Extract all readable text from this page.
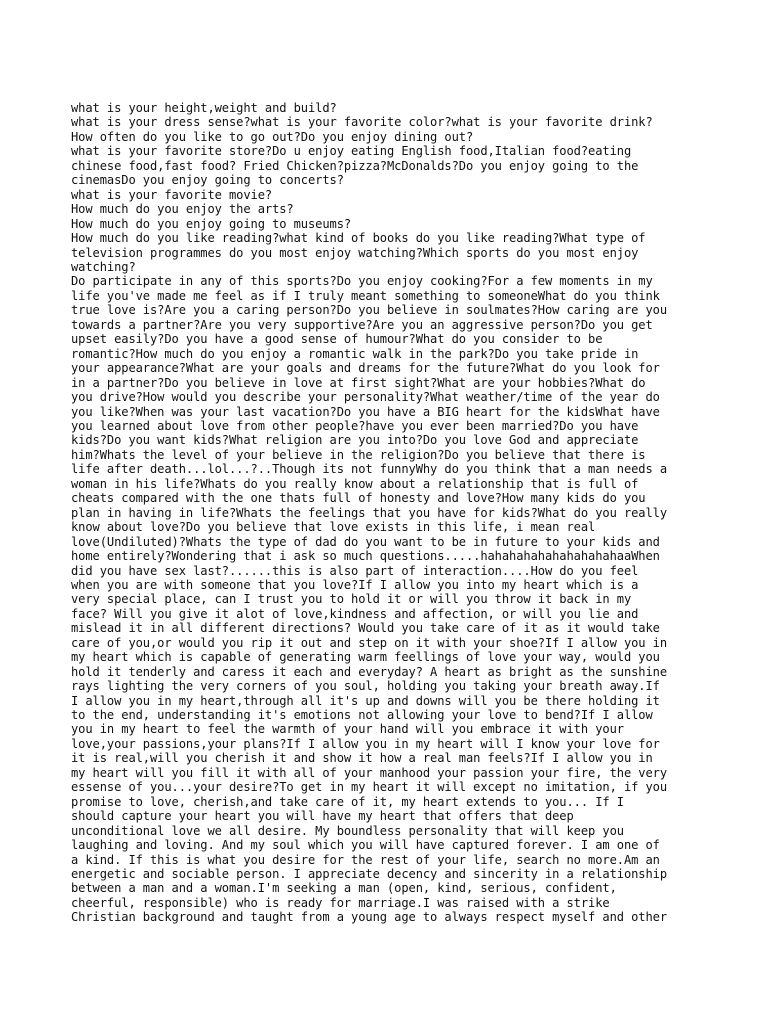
what is your height,weight and build?
what is your dress sense?what is your favorite color?what is your favorite drink?
How often do you like to go out?Do you enjoy dining out?
what is your favorite store?Do u enjoy eating English food,Italian food?eating
chinese food,fast food? Fried Chicken?pizza?McDonalds?Do you enjoy going to the
cinemasDo you enjoy going to concerts?
what is your favorite movie?
How much do you enjoy the arts?
How much do you enjoy going to museums?
How much do you like reading?what kind of books do you like reading?What type of
television programmes do you most enjoy watching?Which sports do you most enjoy
watching?
Do participate in any of this sports?Do you enjoy cooking?For a few moments in my
life you've made me feel as if I truly meant something to someoneWhat do you think
true love is?Are you a caring person?Do you believe in soulmates?How caring are you
towards a partner?Are you very supportive?Are you an aggressive person?Do you get
upset easily?Do you have a good sense of humour?What do you consider to be
romantic?How much do you enjoy a romantic walk in the park?Do you take pride in
your appearance?What are your goals and dreams for the future?What do you look for
in a partner?Do you believe in love at first sight?What are your hobbies?What do
you drive?How would you describe your personality?What weather/time of the year do
you like?When was your last vacation?Do you have a BIG heart for the kidsWhat have
you learned about love from other people?have you ever been married?Do you have
kids?Do you want kids?What religion are you into?Do you love God and appreciate
him?Whats the level of your believe in the religion?Do you believe that there is
life after death...lol...?..Though its not funnyWhy do you think that a man needs a
woman in his life?Whats do you really know about a relationship that is full of
cheats compared with the one thats full of honesty and love?How many kids do you
plan in having in life?Whats the feelings that you have for kids?What do you really
know about love?Do you believe that love exists in this life, i mean real
love(Undiluted)?Whats the type of dad do you want to be in future to your kids and
home entirely?Wondering that i ask so much questions.....hahahahahahahahahahaaWhen
did you have sex last?......this is also part of interaction....How do you feel
when you are with someone that you love?If I allow you into my heart which is a
very special place, can I trust you to hold it or will you throw it back in my
face? Will you give it alot of love,kindness and affection, or will you lie and
mislead it in all different directions? Would you take care of it as it would take
care of you,or would you rip it out and step on it with your shoe?If I allow you in
my heart which is capable of generating warm feellings of love your way, would you
hold it tenderly and caress it each and everyday? A heart as bright as the sunshine
rays lighting the very corners of you soul, holding you taking your breath away.If
I allow you in my heart,through all it's up and downs will you be there holding it
to the end, understanding it's emotions not allowing your love to bend?If I allow
you in my heart to feel the warmth of your hand will you embrace it with your
love,your passions,your plans?If I allow you in my heart will I know your love for
it is real,will you cherish it and show it how a real man feels?If I allow you in
my heart will you fill it with all of your manhood your passion your fire, the very
essense of you...your desire?To get in my heart it will except no imitation, if you
promise to love, cherish,and take care of it, my heart extends to you... If I
should capture your heart you will have my heart that offers that deep
unconditional love we all desire. My boundless personality that will keep you
laughing and loving. And my soul which you will have captured forever. I am one of
a kind. If this is what you desire for the rest of your life, search no more.Am an
energetic and sociable person. I appreciate decency and sincerity in a relationship
between a man and a woman.I'm seeking a man (open, kind, serious, confident,
cheerful, responsible) who is ready for marriage.I was raised with a strike
Christian background and taught from a young age to always respect myself and other
